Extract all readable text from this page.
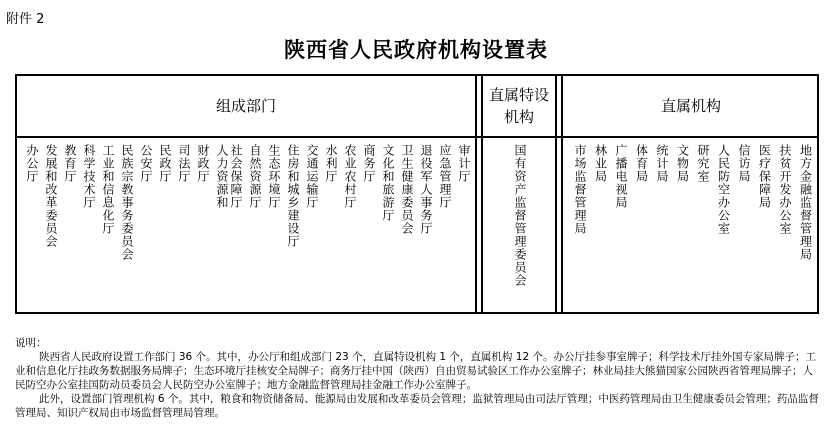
附件 2
陕西省人民政府机构设置表
组成部门
直属特设
机构
直属机构
办公厅 发展和改革委员会 教育厅 科学技术厅 工业和信息化厅 民族宗教事务委员会 公安厅 民政厅 司法厅 财政厅 人力资源和 社会保障厅 自然资源厅 生态环境厅 住房和城乡建设厅 交通运输厅 水利厅 农业农村厅 商务厅 文化和旅游厅 卫生健康委员会 退役军人事务厅 应急管理厅 审计厅	国有资产监督管理委员会	市场监督管理局 林业局 广播电视局 体育局 统计局 文物局 研究室 人民防空办公室 信访局 医疗保障局 扶贫开发办公室 地方金融监督管理局

说明：

陕西省人民政府设置工作部门 36 个。其中，办公厅和组成部门 23 个，直属特设机构 1 个，直属机构 12 个。办公厅挂参事室牌子；科学技术厅挂外国专家局牌子；工业和信息化厅挂政务数据服务局牌子；生态环境厅挂核安全局牌子；商务厅挂中国（陕西）自由贸易试验区工作办公室牌子；林业局挂大熊猫国家公园陕西省管理局牌子；人民防空办公室挂国防动员委员会人民防空办公室牌子；地方金融监督管理局挂金融工作办公室牌子。

此外，设置部门管理机构 6 个。其中，粮食和物资储备局、能源局由发展和改革委员会管理；监狱管理局由司法厅管理；中医药管理局由卫生健康委员会管理；药品监督管理局、知识产权局由市场监督管理局管理。
